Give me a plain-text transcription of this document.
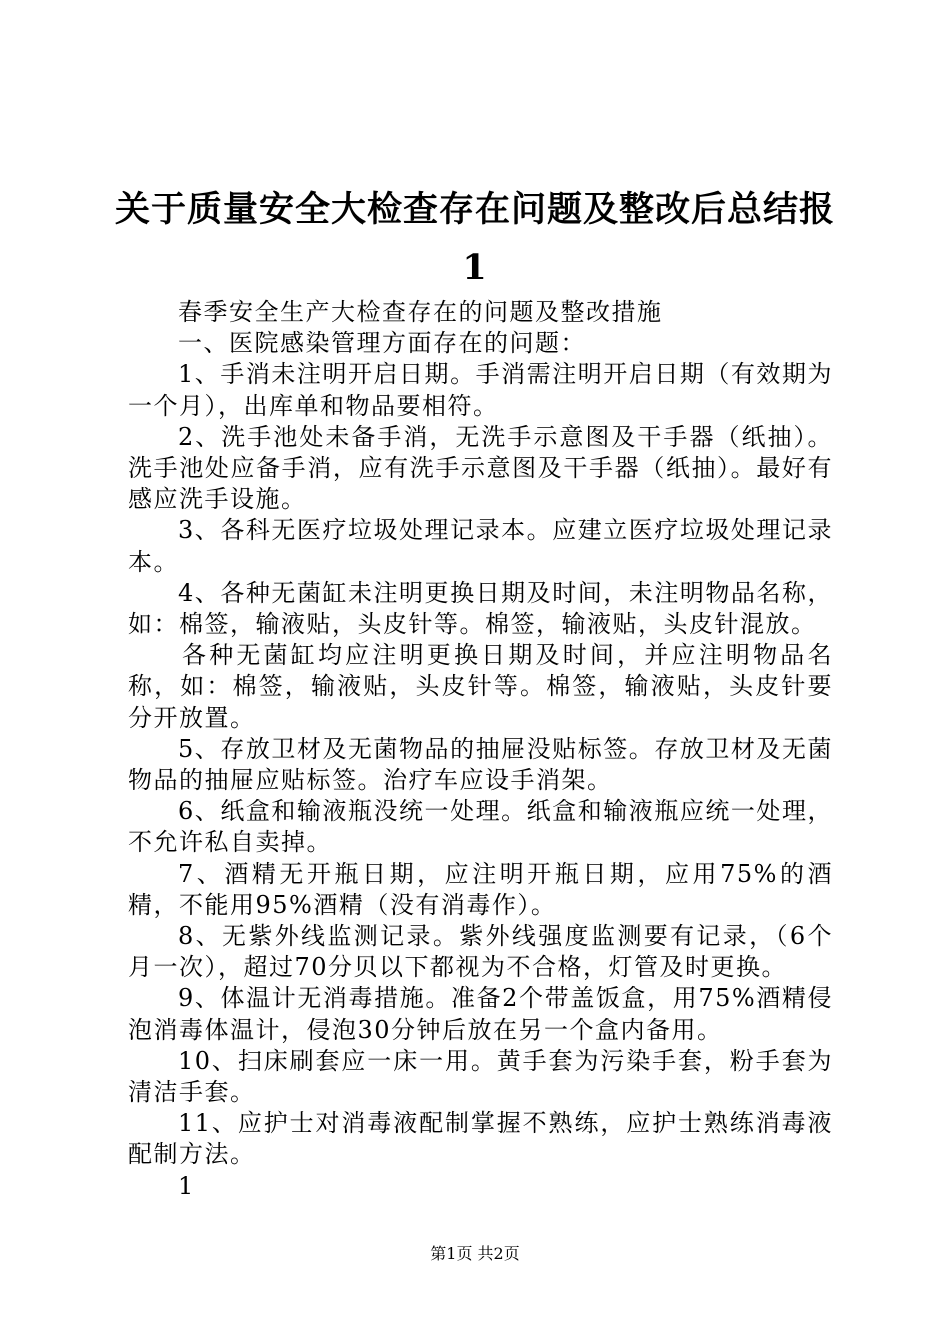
关于质量安全大检查存在问题及整改后总结报
1

春季安全生产大检查存在的问题及整改措施

一、医院感染管理方面存在的问题：

1、手消未注明开启日期。手消需注明开启日期（有效期为一个月），出库单和物品要相符。

2、洗手池处未备手消，无洗手示意图及干手器（纸抽）。洗手池处应备手消，应有洗手示意图及干手器（纸抽）。最好有感应洗手设施。

3、各科无医疗垃圾处理记录本。应建立医疗垃圾处理记录本。

4、各种无菌缸未注明更换日期及时间，未注明物品名称，如：棉签，输液贴，头皮针等。棉签，输液贴，头皮针混放。

各种无菌缸均应注明更换日期及时间，并应注明物品名称，如：棉签，输液贴，头皮针等。棉签，输液贴，头皮针要分开放置。

5、存放卫材及无菌物品的抽屉没贴标签。存放卫材及无菌物品的抽屉应贴标签。治疗车应设手消架。

6、纸盒和输液瓶没统一处理。纸盒和输液瓶应统一处理，不允许私自卖掉。

7、酒精无开瓶日期，应注明开瓶日期，应用75%的酒精，不能用95%酒精（没有消毒作）。

8、无紫外线监测记录。紫外线强度监测要有记录，（6个月一次），超过70分贝以下都视为不合格，灯管及时更换。

9、体温计无消毒措施。准备2个带盖饭盒，用75%酒精侵泡消毒体温计，侵泡30分钟后放在另一个盒内备用。

10、扫床刷套应一床一用。黄手套为污染手套，粉手套为清洁手套。

11、应护士对消毒液配制掌握不熟练，应护士熟练消毒液配制方法。

1

第1页 共2页
